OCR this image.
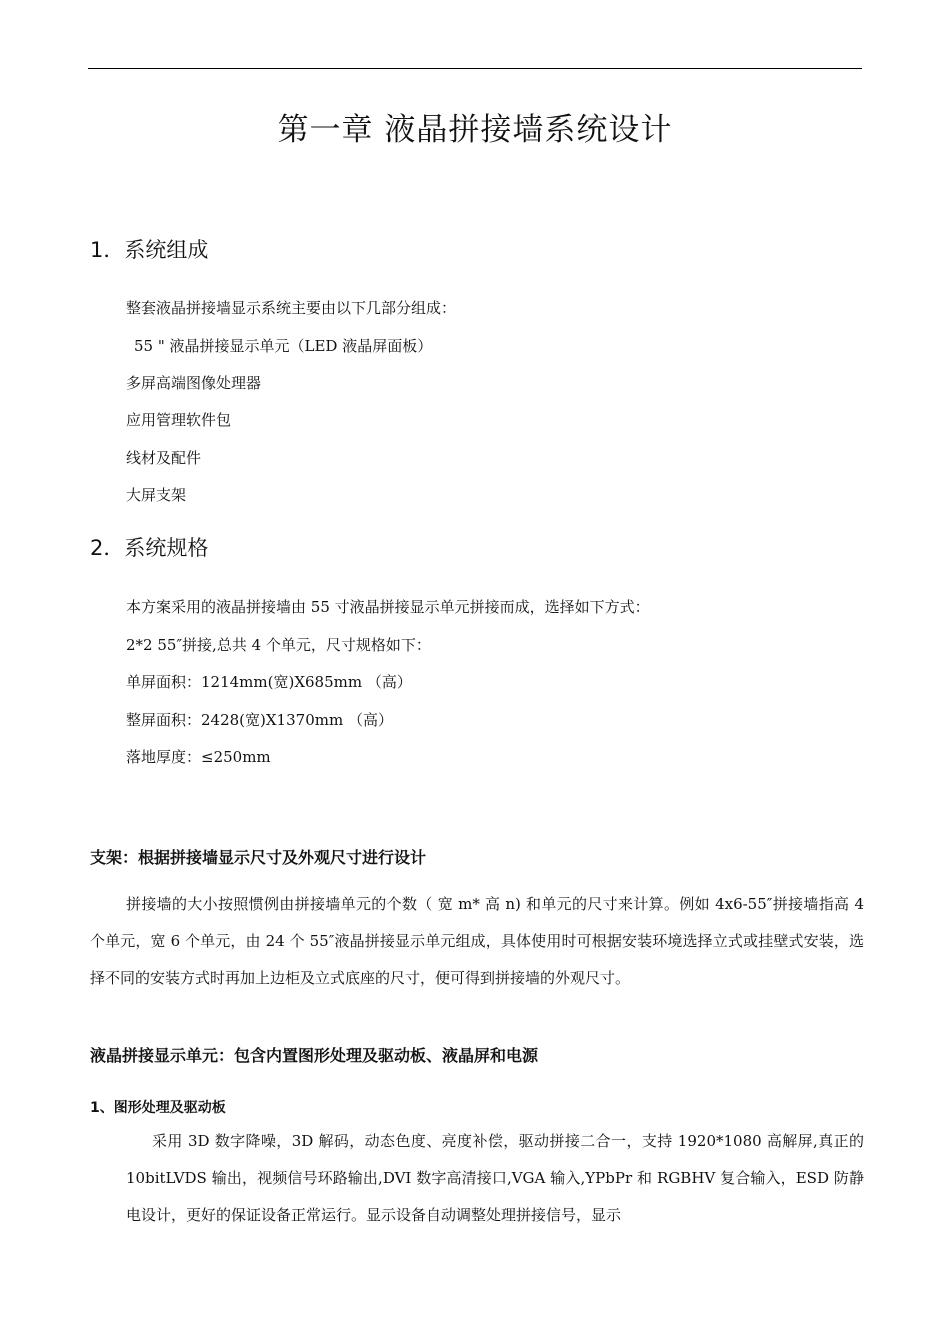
第一章 液晶拼接墙系统设计
1．系统组成
整套液晶拼接墙显示系统主要由以下几部分组成：
55 " 液晶拼接显示单元（LED 液晶屏面板）
多屏高端图像处理器
应用管理软件包
线材及配件
大屏支架
2．系统规格
本方案采用的液晶拼接墙由 55 寸液晶拼接显示单元拼接而成，选择如下方式：
2*2 55″拼接,总共 4 个单元，尺寸规格如下：
单屏面积：1214mm(宽)Ⅹ685mm （高）
整屏面积：2428(宽)Ⅹ1370mm （高）
落地厚度：≤250mm
支架：根据拼接墙显示尺寸及外观尺寸进行设计
拼接墙的大小按照惯例由拼接墙单元的个数（ 宽 m* 高 n) 和单元的尺寸来计算。例如 4x6-55″拼接墙指高 4 个单元，宽 6 个单元，由 24 个 55″液晶拼接显示单元组成，具体使用时可根据安装环境选择立式或挂壁式安装，选择不同的安装方式时再加上边柜及立式底座的尺寸，便可得到拼接墙的外观尺寸。
液晶拼接显示单元：包含内置图形处理及驱动板、液晶屏和电源
1、图形处理及驱动板
采用 3D 数字降噪，3D 解码，动态色度、亮度补偿，驱动拼接二合一，支持 1920*1080 高解屏,真正的 10bitLVDS 输出，视频信号环路输出,DVI 数字高清接口,VGA 输入,YPbPr 和 RGBHV 复合输入，ESD 防静电设计，更好的保证设备正常运行。显示设备自动调整处理拼接信号，显示
